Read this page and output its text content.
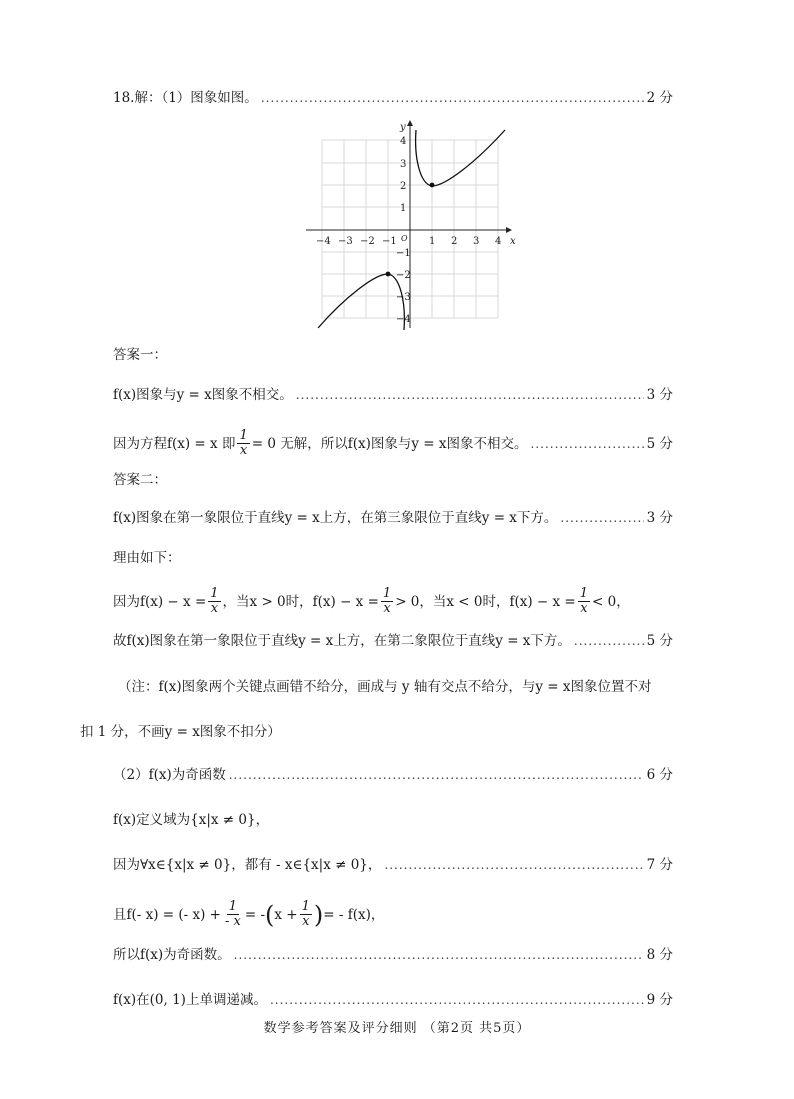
18.解：（1）图象如图。 .....	2 分
−4 −3 −2 −1	1 2 3 4 x
4
3
2
1
−1
−2
−3
−4
y
O
答案一：
f(x)图象与y = x图象不相交。 .....	3 分
因为方程f(x) = x 即 $\frac{1}{x} = 0$ 无解，所以f(x)图象与y = x图象不相交。 .....	5 分
答案二：
f(x)图象在第一象限位于直线y = x上方，在第三象限位于直线y = x下方。 .....	3 分
理由如下：
因为$f(x) - x = \frac{1}{x}$ ，当x > 0时，$f(x) - x = \frac{1}{x} > 0$，当x < 0时，$f(x) - x = \frac{1}{x} < 0$，
故f(x)图象在第一象限位于直线y = x上方，在第二象限位于直线y = x下方。 .....	5 分
（注：f(x)图象两个关键点画错不给分，画成与 y 轴有交点不给分，与y = x图象位置不对
扣 1 分，不画y = x图象不扣分）
（2）f(x)为奇函数 .....	6 分
f(x)定义域为{x|x ≠ 0}，
因为∀x∈{x|x ≠ 0}，都有 - x∈{x|x ≠ 0}， .....	7 分
且f(- x) = (- $x) + \frac{1}{- x}$ = - ( $x + \frac{1}{x}$ ) = - f(x)，
所以f(x)为奇函数。 .....	8 分
f(x)在(0, 1)上单调递减。 .....	9 分
数学参考答案及评分细则 （第2页 共5页）
